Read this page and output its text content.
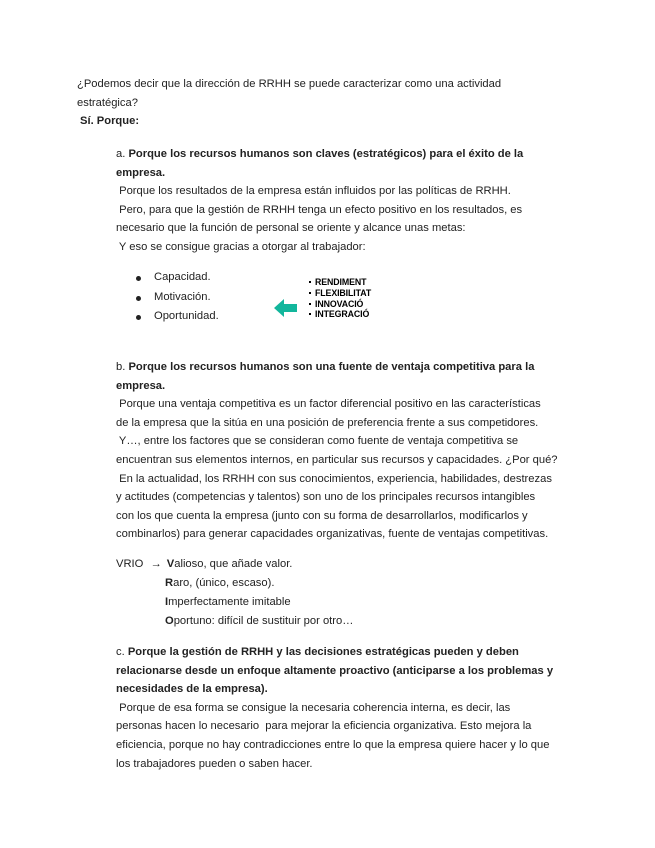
¿Podemos decir que la dirección de RRHH se puede caracterizar como una actividad

estratégica?

Sí. Porque:

a. Porque los recursos humanos son claves (estratégicos) para el éxito de la

empresa.

Porque los resultados de la empresa están influidos por las políticas de RRHH.

Pero, para que la gestión de RRHH tenga un efecto positivo en los resultados, es

necesario que la función de personal se oriente y alcance unas metas:

Y eso se consigue gracias a otorgar al trabajador:

Capacidad.
Motivación.
Oportunidad.
RENDIMENT
FLEXIBILITAT
INNOVACIÓ
INTEGRACIÓ

b. Porque los recursos humanos son una fuente de ventaja competitiva para la

empresa.

Porque una ventaja competitiva es un factor diferencial positivo en las características

de la empresa que la sitúa en una posición de preferencia frente a sus competidores.

Y…, entre los factores que se consideran como fuente de ventaja competitiva se

encuentran sus elementos internos, en particular sus recursos y capacidades. ¿Por qué?

En la actualidad, los RRHH con sus conocimientos, experiencia, habilidades, destrezas

y actitudes (competencias y talentos) son uno de los principales recursos intangibles

con los que cuenta la empresa (junto con su forma de desarrollarlos, modificarlos y

combinarlos) para generar capacidades organizativas, fuente de ventajas competitivas.

VRIO → Valioso, que añade valor.
Raro, (único, escaso).
Imperfectamente imitable
Oportuno: difícil de sustituir por otro…

c. Porque la gestión de RRHH y las decisiones estratégicas pueden y deben

relacionarse desde un enfoque altamente proactivo (anticiparse a los problemas y

necesidades de la empresa).

Porque de esa forma se consigue la necesaria coherencia interna, es decir, las

personas hacen lo necesario  para mejorar la eficiencia organizativa. Esto mejora la

eficiencia, porque no hay contradicciones entre lo que la empresa quiere hacer y lo que

los trabajadores pueden o saben hacer.
